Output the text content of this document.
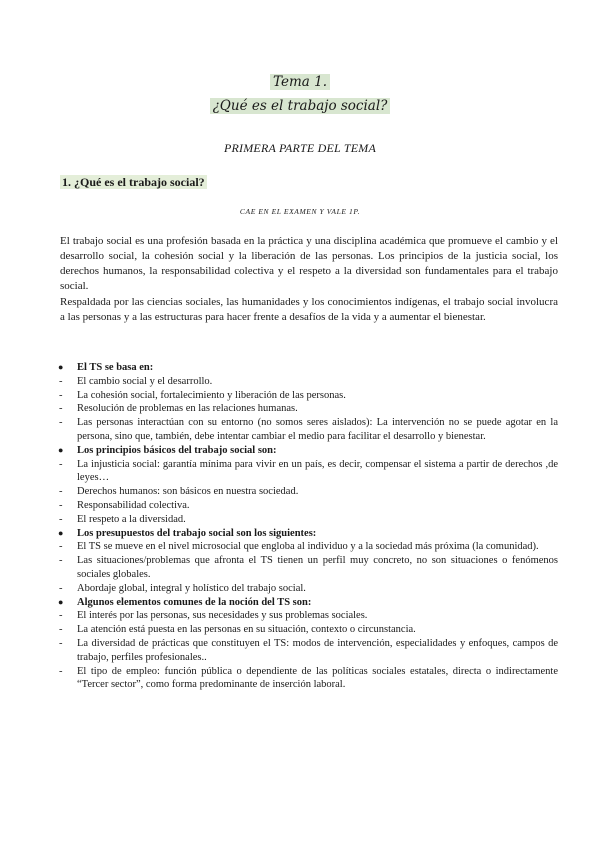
Tema 1.
¿Qué es el trabajo social?
PRIMERA PARTE DEL TEMA
1. ¿Qué es el trabajo social?
CAE EN EL EXAMEN Y VALE 1P.
El trabajo social es una profesión basada en la práctica y una disciplina académica que promueve el cambio y el desarrollo social, la cohesión social y la liberación de las personas. Los principios de la justicia social, los derechos humanos, la responsabilidad colectiva y el respeto a la diversidad son fundamentales para el trabajo social.
Respaldada por las ciencias sociales, las humanidades y los conocimientos indígenas, el trabajo social involucra a las personas y a las estructuras para hacer frente a desafíos de la vida y a aumentar el bienestar.
● El TS se basa en:
- El cambio social y el desarrollo.
- La cohesión social, fortalecimiento y liberación de las personas.
- Resolución de problemas en las relaciones humanas.
- Las personas interactúan con su entorno (no somos seres aislados): La intervención no se puede agotar en la persona, sino que, también, debe intentar cambiar el medio para facilitar el desarrollo y bienestar.
● Los principios básicos del trabajo social son:
- La injusticia social: garantía mínima para vivir en un país, es decir, compensar el sistema a partir de derechos ,de leyes…
- Derechos humanos: son básicos en nuestra sociedad.
- Responsabilidad colectiva.
- El respeto a la diversidad.
● Los presupuestos del trabajo social son los siguientes:
- El TS se mueve en el nivel microsocial que engloba al individuo y a la sociedad más próxima (la comunidad).
- Las situaciones/problemas que afronta el TS tienen un perfil muy concreto, no son situaciones o fenómenos sociales globales.
- Abordaje global, integral y holístico del trabajo social.
● Algunos elementos comunes de la noción del TS son:
- El interés por las personas, sus necesidades y sus problemas sociales.
- La atención está puesta en las personas en su situación, contexto o circunstancia.
- La diversidad de prácticas que constituyen el TS: modos de intervención, especialidades y enfoques, campos de trabajo, perfiles profesionales..
- El tipo de empleo: función pública o dependiente de las políticas sociales estatales, directa o indirectamente “Tercer sector”, como forma predominante de inserción laboral.
